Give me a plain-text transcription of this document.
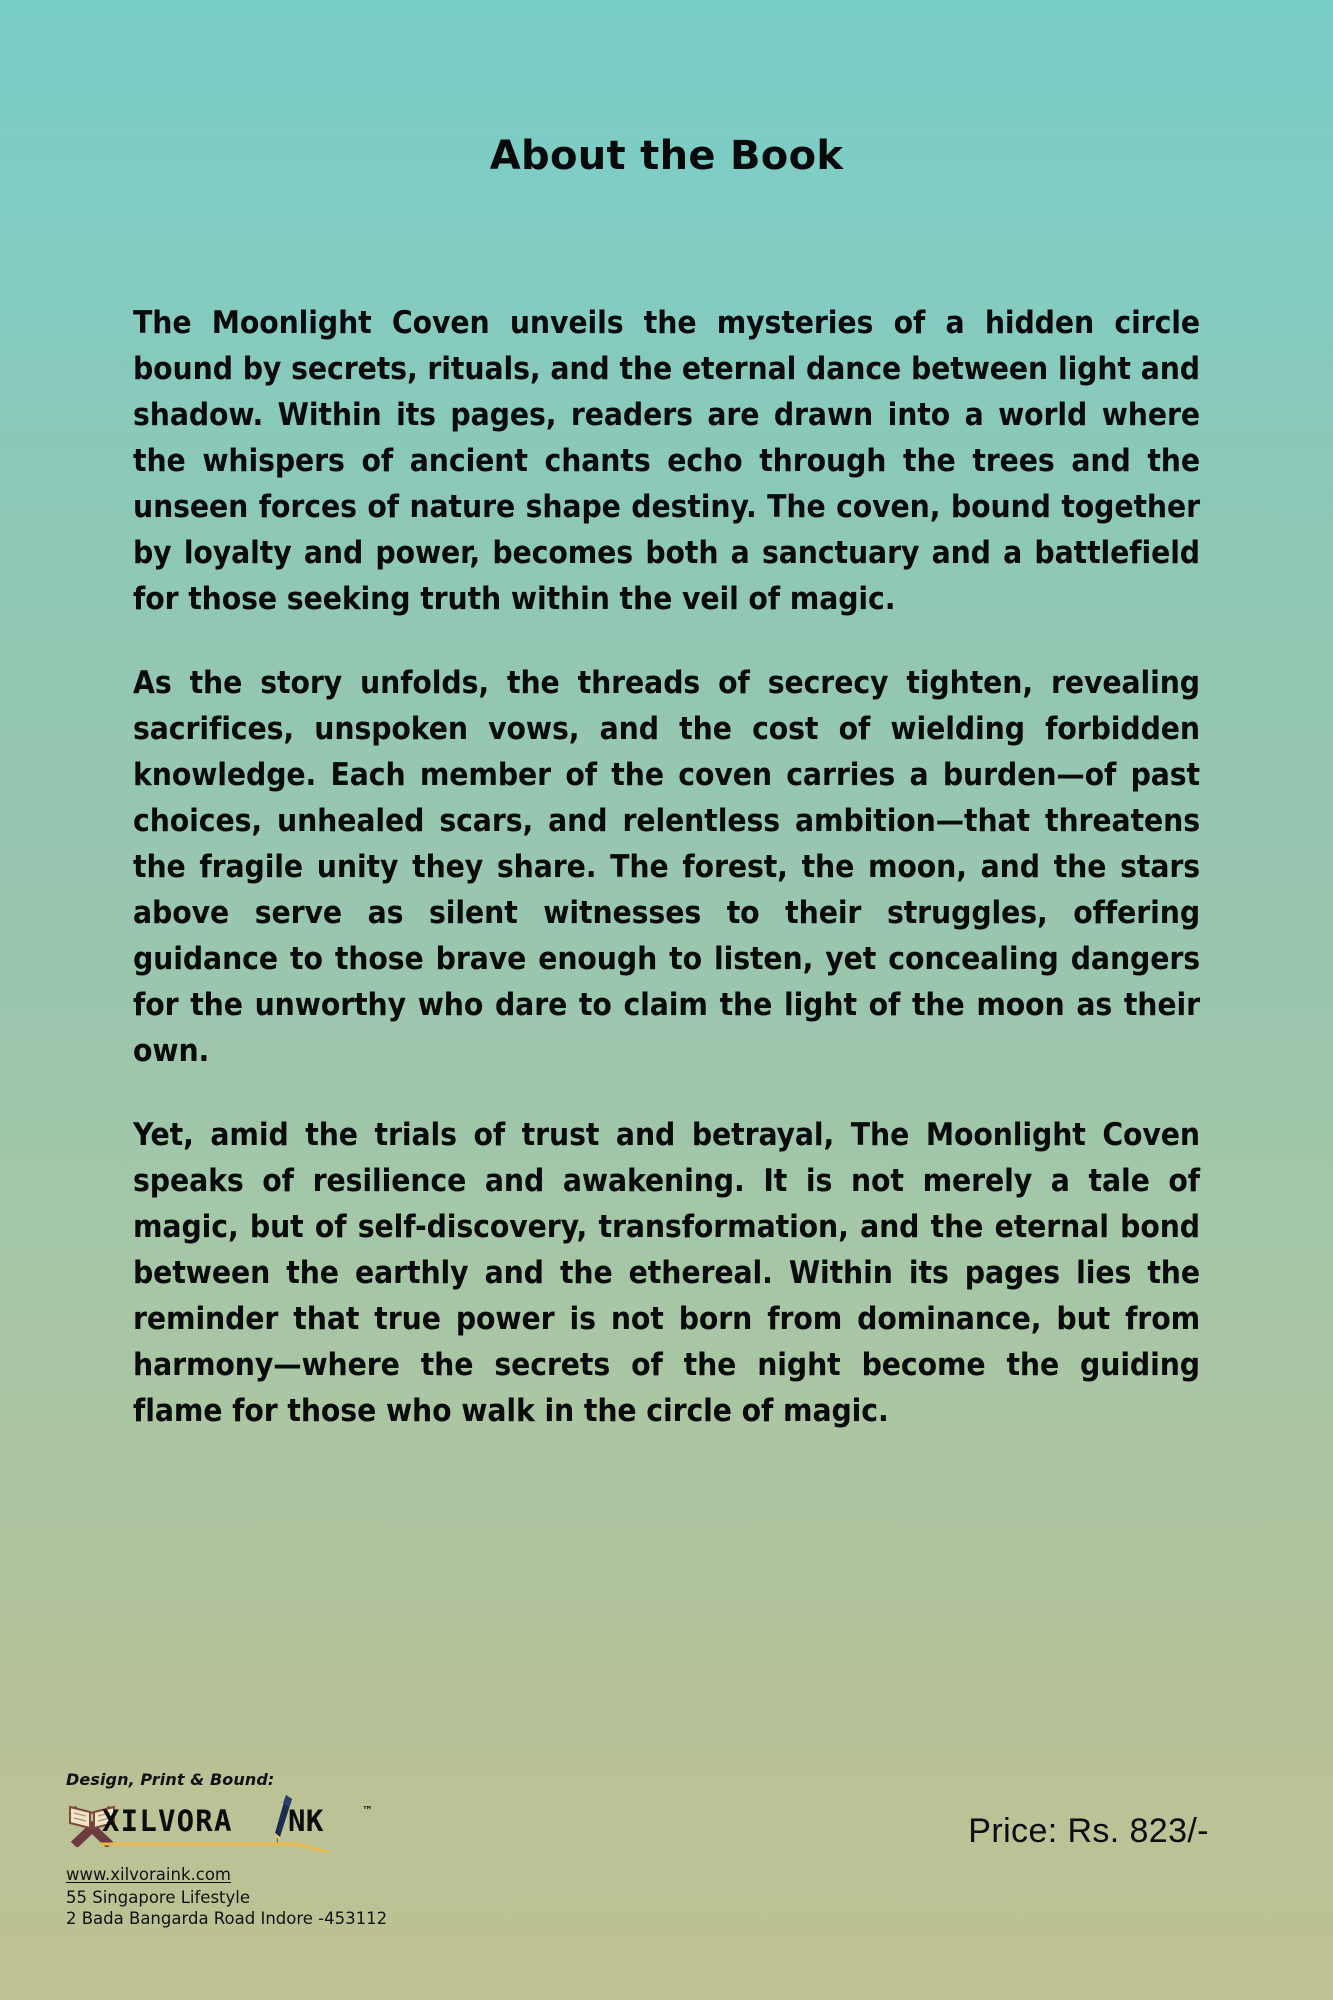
About the Book

The Moonlight Coven unveils the mysteries of a hidden circle bound by secrets, rituals, and the eternal dance between light and shadow. Within its pages, readers are drawn into a world where the whispers of ancient chants echo through the trees and the unseen forces of nature shape destiny. The coven, bound together by loyalty and power, becomes both a sanctuary and a battlefield for those seeking truth within the veil of magic.

As the story unfolds, the threads of secrecy tighten, revealing sacrifices, unspoken vows, and the cost of wielding forbidden knowledge. Each member of the coven carries a burden—of past choices, unhealed scars, and relentless ambition—that threatens the fragile unity they share. The forest, the moon, and the stars above serve as silent witnesses to their struggles, offering guidance to those brave enough to listen, yet concealing dangers for the unworthy who dare to claim the light of the moon as their own.

Yet, amid the trials of trust and betrayal, The Moonlight Coven speaks of resilience and awakening. It is not merely a tale of magic, but of self-discovery, transformation, and the eternal bond between the earthly and the ethereal. Within its pages lies the reminder that true power is not born from dominance, but from harmony—where the secrets of the night become the guiding flame for those who walk in the circle of magic.

Design, Print & Bound:
XILVORA NK	™
www.xilvoraink.com

55 Singapore Lifestyle

2 Bada Bangarda Road Indore -453112

Price: Rs. 823/-
